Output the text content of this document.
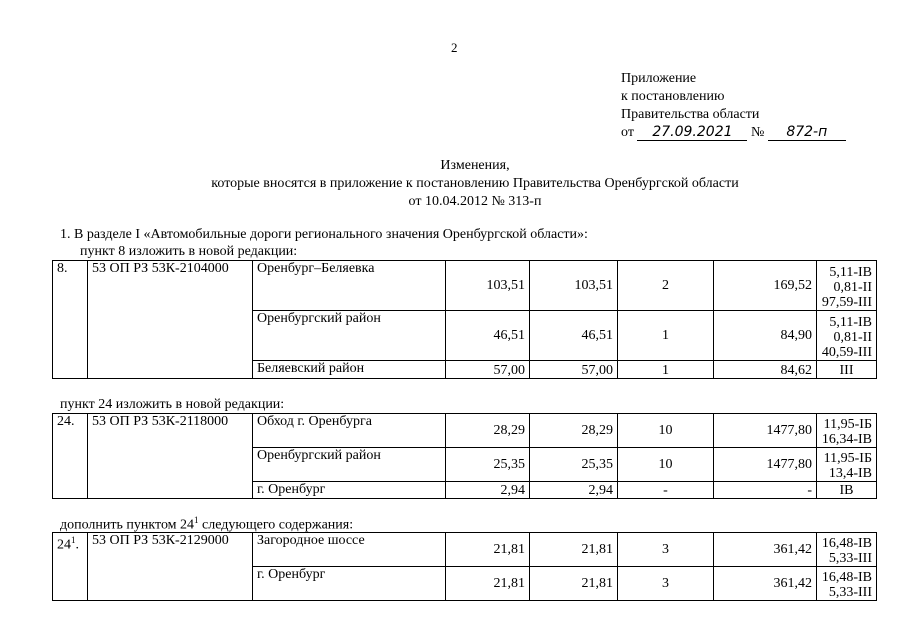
2
Приложение
к постановлению
Правительства области
от 27.09.2021 № 872-п
Изменения,
которые вносятся в приложение к постановлению Правительства Оренбургской области
от 10.04.2012 № 313-п
1. В разделе I «Автомобильные дороги регионального значения Оренбургской области»:
пункт 8 изложить в новой редакции:
8.	53 ОП РЗ 53К-2104000	Оренбург–Беляевка	103,51	103,51	2	169,52	5,11-IВ
0,81-II
97,59-III

		Оренбургский район	46,51	46,51	1	84,90	5,11-IВ
0,81-II
40,59-III

		Беляевский район	57,00	57,00	1	84,62	III
пункт 24 изложить в новой редакции:
24.	53 ОП РЗ 53К-2118000	Обход г. Оренбурга	28,29	28,29	10	1477,80	11,95-IБ
16,34-IВ

		Оренбургский район	25,35	25,35	10	1477,80	11,95-IБ
13,4-IВ

		г. Оренбург	2,94	2,94	-	-	IВ
дополнить пунктом $24^1$ следующего содержания:
$24^1$.	53 ОП РЗ 53К-2129000	Загородное шоссе	21,81	21,81	3	361,42	16,48-IВ
5,33-III

		г. Оренбург	21,81	21,81	3	361,42	16,48-IВ
5,33-III
